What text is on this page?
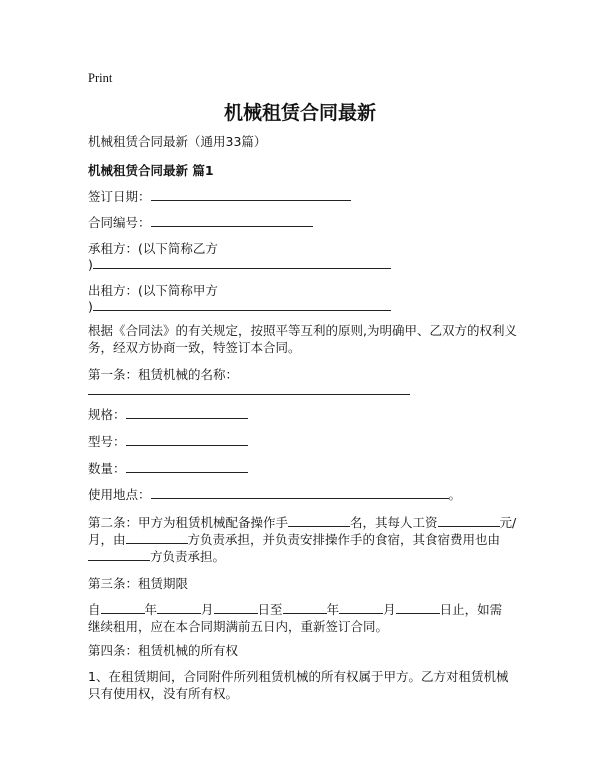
Print
机械租赁合同最新
机械租赁合同最新（通用33篇）
机械租赁合同最新 篇1
签订日期：
合同编号：
承租方：(以下简称乙方
)
出租方：(以下简称甲方
)
根据《合同法》的有关规定，按照平等互利的原则,为明确甲、乙双方的权利义务，经双方协商一致，特签订本合同。
第一条：租赁机械的名称：
规格：
型号：
数量：
使用地点：	。
第二条：甲方为租赁机械配备操作手	名，其每人工资	元/
月，由	方负责承担，并负责安排操作手的食宿，其食宿费用也由
方负责承担。
第三条：租赁期限
自	年	月	日至	年	月	日止，如需
继续租用，应在本合同期满前五日内，重新签订合同。
第四条：租赁机械的所有权
1、在租赁期间，合同附件所列租赁机械的所有权属于甲方。乙方对租赁机械只有使用权，没有所有权。
